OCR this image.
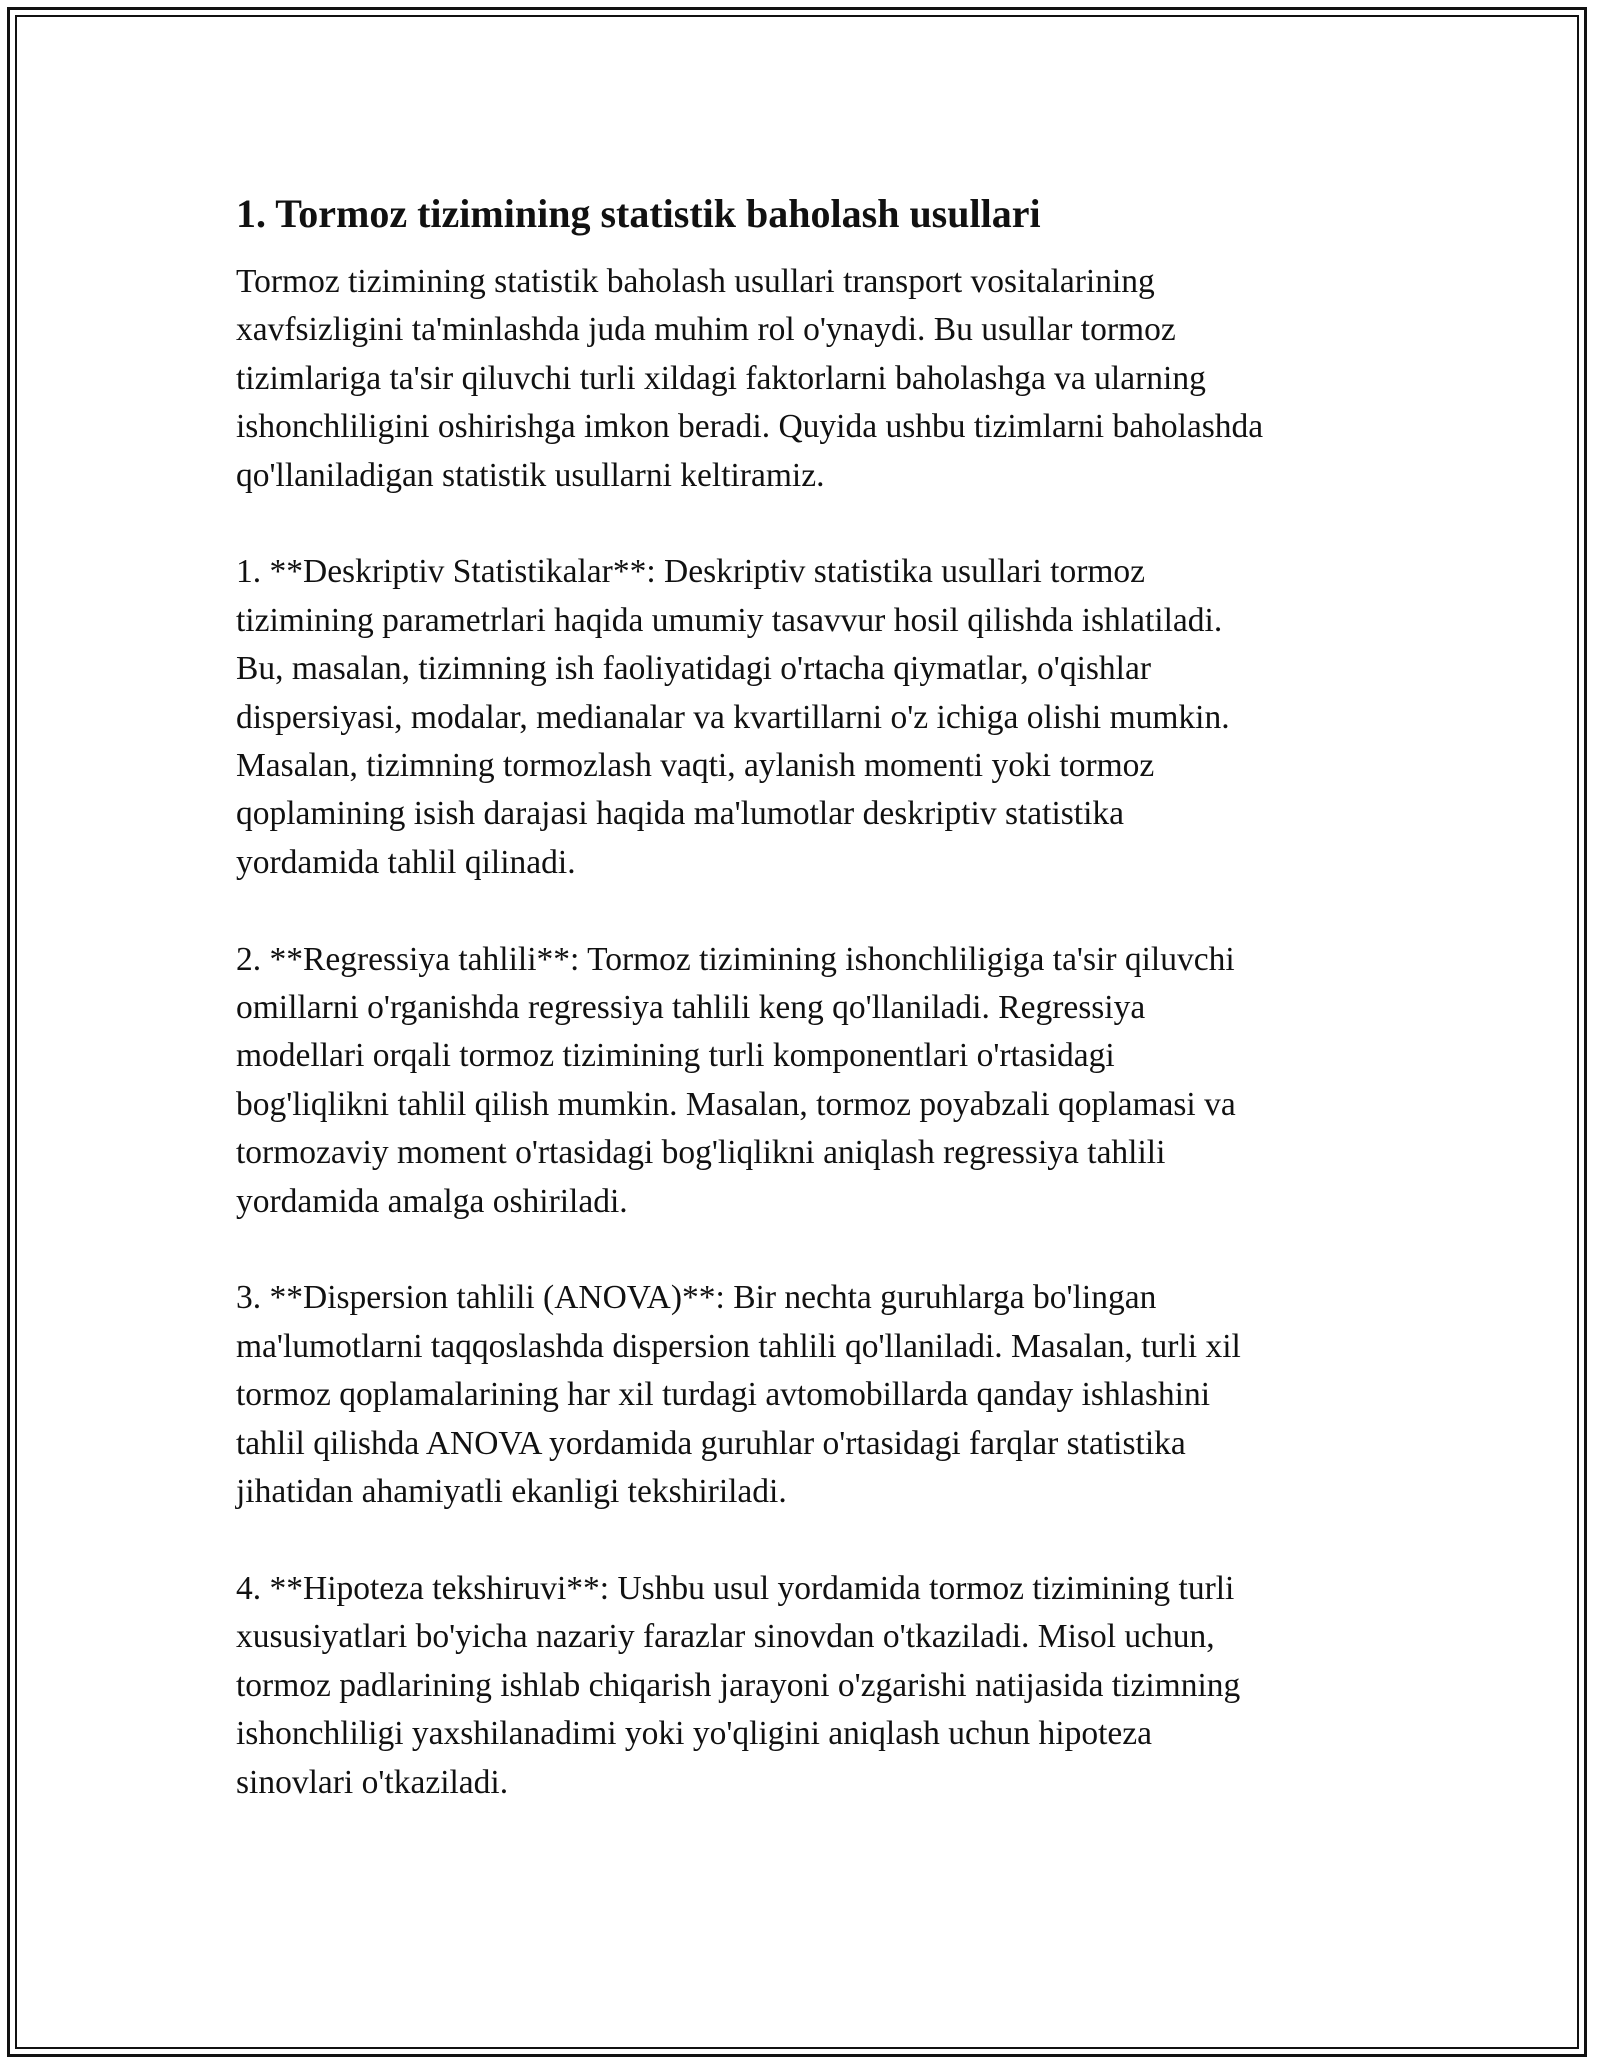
1. Tormoz tizimining statistik baholash usullari

Tormoz tizimining statistik baholash usullari transport vositalarining
xavfsizligini ta'minlashda juda muhim rol o'ynaydi. Bu usullar tormoz
tizimlariga ta'sir qiluvchi turli xildagi faktorlarni baholashga va ularning
ishonchliligini oshirishga imkon beradi. Quyida ushbu tizimlarni baholashda
qo'llaniladigan statistik usullarni keltiramiz.

1. **Deskriptiv Statistikalar**: Deskriptiv statistika usullari tormoz
tizimining parametrlari haqida umumiy tasavvur hosil qilishda ishlatiladi.
Bu, masalan, tizimning ish faoliyatidagi o'rtacha qiymatlar, o'qishlar
dispersiyasi, modalar, medianalar va kvartillarni o'z ichiga olishi mumkin.
Masalan, tizimning tormozlash vaqti, aylanish momenti yoki tormoz
qoplamining isish darajasi haqida ma'lumotlar deskriptiv statistika
yordamida tahlil qilinadi.

2. **Regressiya tahlili**: Tormoz tizimining ishonchliligiga ta'sir qiluvchi
omillarni o'rganishda regressiya tahlili keng qo'llaniladi. Regressiya
modellari orqali tormoz tizimining turli komponentlari o'rtasidagi
bog'liqlikni tahlil qilish mumkin. Masalan, tormoz poyabzali qoplamasi va
tormozaviy moment o'rtasidagi bog'liqlikni aniqlash regressiya tahlili
yordamida amalga oshiriladi.

3. **Dispersion tahlili (ANOVA)**: Bir nechta guruhlarga bo'lingan
ma'lumotlarni taqqoslashda dispersion tahlili qo'llaniladi. Masalan, turli xil
tormoz qoplamalarining har xil turdagi avtomobillarda qanday ishlashini
tahlil qilishda ANOVA yordamida guruhlar o'rtasidagi farqlar statistika
jihatidan ahamiyatli ekanligi tekshiriladi.

4. **Hipoteza tekshiruvi**: Ushbu usul yordamida tormoz tizimining turli
xususiyatlari bo'yicha nazariy farazlar sinovdan o'tkaziladi. Misol uchun,
tormoz padlarining ishlab chiqarish jarayoni o'zgarishi natijasida tizimning
ishonchliligi yaxshilanadimi yoki yo'qligini aniqlash uchun hipoteza
sinovlari o'tkaziladi.
